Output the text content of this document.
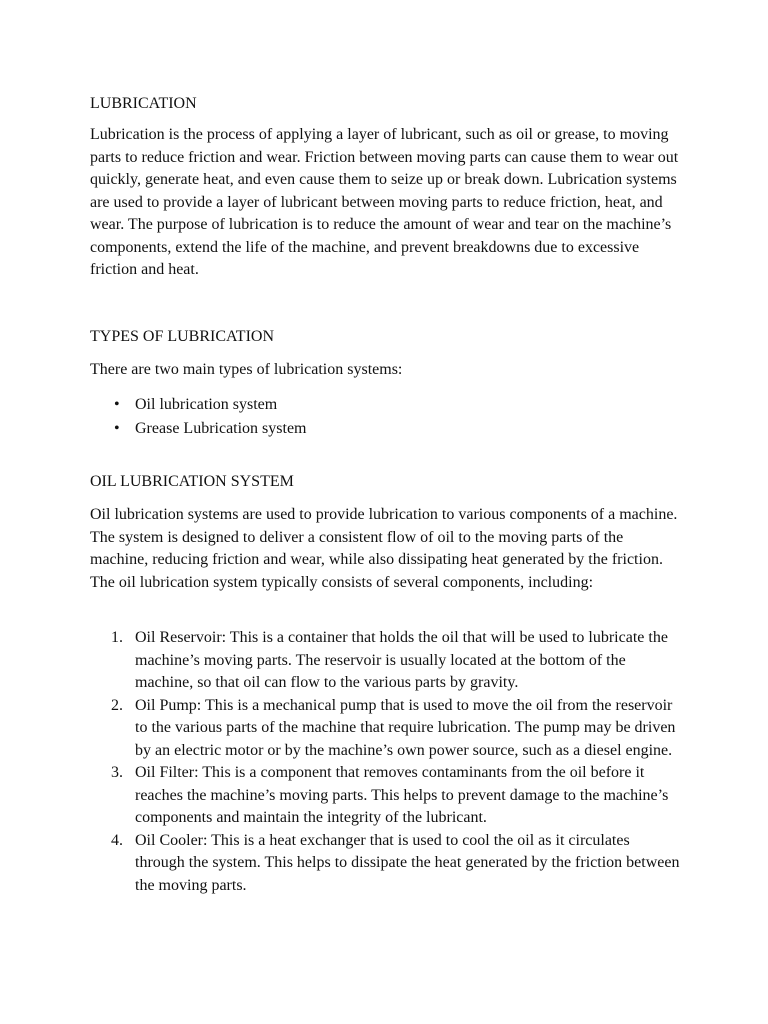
LUBRICATION

Lubrication is the process of applying a layer of lubricant, such as oil or grease, to moving parts to reduce friction and wear. Friction between moving parts can cause them to wear out quickly, generate heat, and even cause them to seize up or break down. Lubrication systems are used to provide a layer of lubricant between moving parts to reduce friction, heat, and wear. The purpose of lubrication is to reduce the amount of wear and tear on the machine’s components, extend the life of the machine, and prevent breakdowns due to excessive friction and heat.

TYPES OF LUBRICATION

There are two main types of lubrication systems:

• Oil lubrication system
• Grease Lubrication system
OIL LUBRICATION SYSTEM

Oil lubrication systems are used to provide lubrication to various components of a machine. The system is designed to deliver a consistent flow of oil to the moving parts of the machine, reducing friction and wear, while also dissipating heat generated by the friction. The oil lubrication system typically consists of several components, including:

1. Oil Reservoir: This is a container that holds the oil that will be used to lubricate the machine’s moving parts. The reservoir is usually located at the bottom of the machine, so that oil can flow to the various parts by gravity.
2. Oil Pump: This is a mechanical pump that is used to move the oil from the reservoir to the various parts of the machine that require lubrication. The pump may be driven by an electric motor or by the machine’s own power source, such as a diesel engine.
3. Oil Filter: This is a component that removes contaminants from the oil before it reaches the machine’s moving parts. This helps to prevent damage to the machine’s components and maintain the integrity of the lubricant.
4. Oil Cooler: This is a heat exchanger that is used to cool the oil as it circulates through the system. This helps to dissipate the heat generated by the friction between the moving parts.
